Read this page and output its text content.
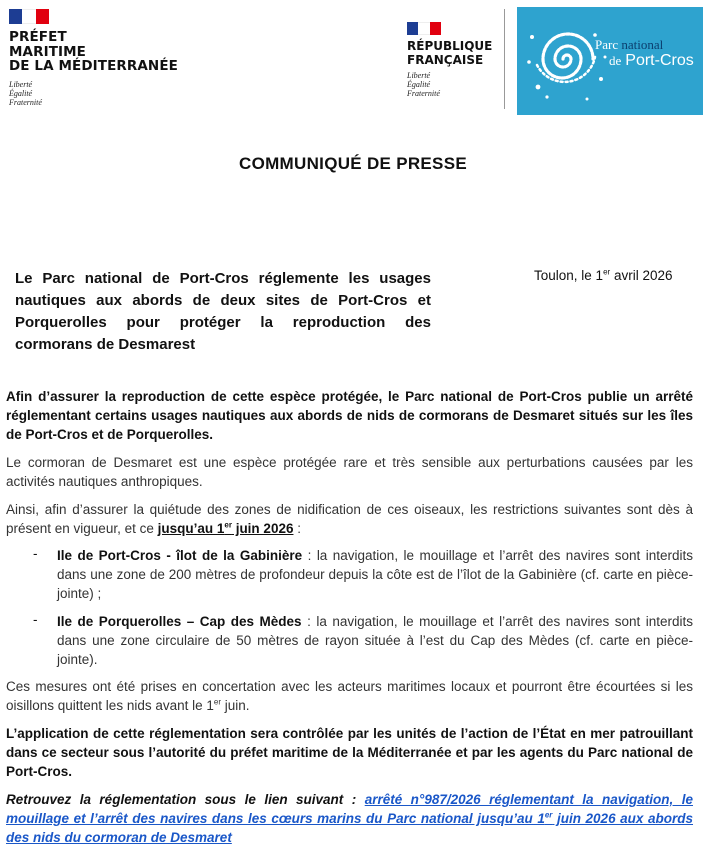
PRÉFET
MARITIME
DE LA MÉDITERRANÉE
Liberté
Égalité
Fraternité
RÉPUBLIQUE
FRANÇAISE
Liberté
Égalité
Fraternité
Parc national
de Port-Cros
COMMUNIQUÉ DE PRESSE
Le Parc national de Port-Cros réglemente les usages nautiques aux abords de deux sites de Port-Cros et Porquerolles pour protéger la reproduction des cormorans de Desmarest
Toulon, le 1er avril 2026
Afin d’assurer la reproduction de cette espèce protégée, le Parc national de Port-Cros publie un arrêté réglementant certains usages nautiques aux abords de nids de cormorans de Desmaret situés sur les îles de Port-Cros et de Porquerolles.
Le cormoran de Desmaret est une espèce protégée rare et très sensible aux perturbations causées par les activités nautiques anthropiques.
Ainsi, afin d’assurer la quiétude des zones de nidification de ces oiseaux, les restrictions suivantes sont dès à présent en vigueur, et ce jusqu’au 1er juin 2026 :
- Ile de Port-Cros - îlot de la Gabinière : la navigation, le mouillage et l’arrêt des navires sont interdits dans une zone de 200 mètres de profondeur depuis la côte est de l’îlot de la Gabinière (cf. carte en pièce-jointe) ;
- Ile de Porquerolles – Cap des Mèdes : la navigation, le mouillage et l’arrêt des navires sont interdits dans une zone circulaire de 50 mètres de rayon située à l’est du Cap des Mèdes (cf. carte en pièce-jointe).
Ces mesures ont été prises en concertation avec les acteurs maritimes locaux et pourront être écourtées si les oisillons quittent les nids avant le 1er juin.
L’application de cette réglementation sera contrôlée par les unités de l’action de l’État en mer patrouillant dans ce secteur sous l’autorité du préfet maritime de la Méditerranée et par les agents du Parc national de Port-Cros.
Retrouvez la réglementation sous le lien suivant : arrêté n°987/2026 réglementant la navigation, le mouillage et l’arrêt des navires dans les cœurs marins du Parc national jusqu’au 1er juin 2026 aux abords des nids du cormoran de Desmaret
